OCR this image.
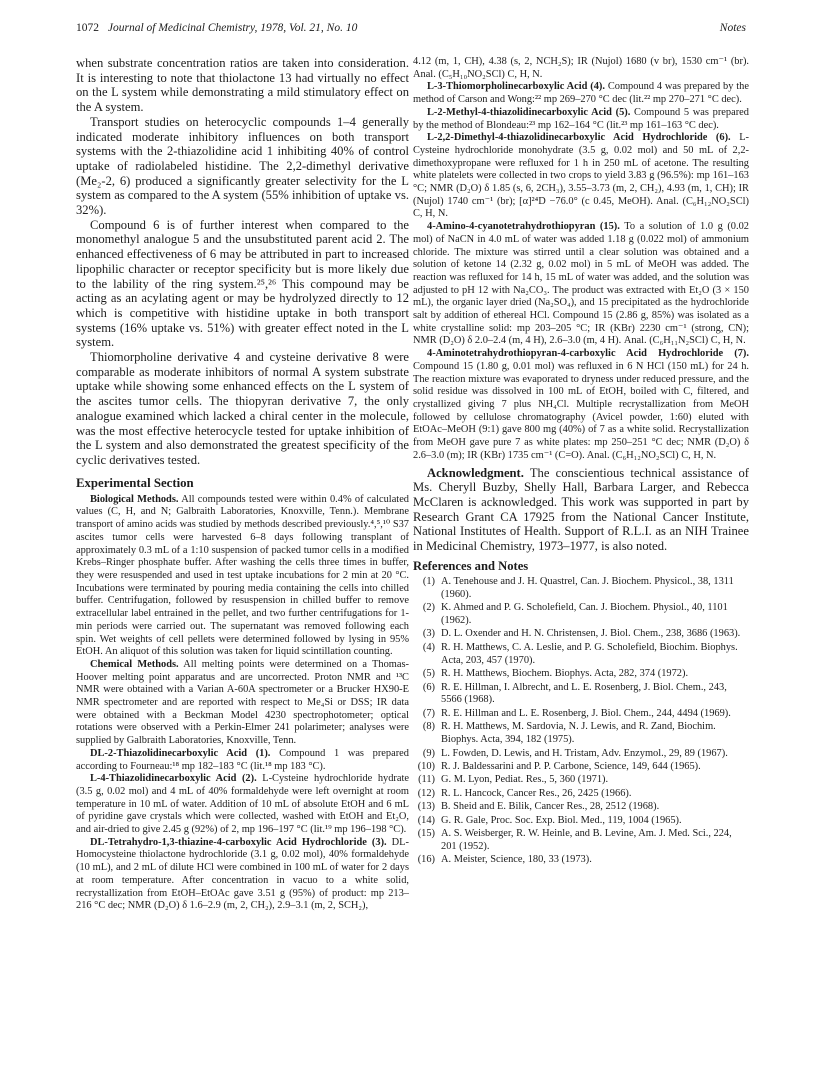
1072 Journal of Medicinal Chemistry, 1978, Vol. 21, No. 10	Notes

when substrate concentration ratios are taken into consideration. It is interesting to note that thiolactone 13 had virtually no effect on the L system while demonstrating a mild stimulatory effect on the A system.

Transport studies on heterocyclic compounds 1–4 generally indicated moderate inhibitory influences on both transport systems with the 2-thiazolidine acid 1 inhibiting 40% of control uptake of radiolabeled histidine. The 2,2-dimethyl derivative (Me₂-2, 6) produced a significantly greater selectivity for the L system as compared to the A system (55% inhibition of uptake vs. 32%).

Compound 6 is of further interest when compared to the monomethyl analogue 5 and the unsubstituted parent acid 2. The enhanced effectiveness of 6 may be attributed in part to increased lipophilic character or receptor specificity but is more likely due to the lability of the ring system.²⁵,²⁶ This compound may be acting as an acylating agent or may be hydrolyzed directly to 12 which is competitive with histidine uptake in both transport systems (16% uptake vs. 51%) with greater effect noted in the L system.

Thiomorpholine derivative 4 and cysteine derivative 8 were comparable as moderate inhibitors of normal A system substrate uptake while showing some enhanced effects on the L system of the ascites tumor cells. The thiopyran derivative 7, the only analogue examined which lacked a chiral center in the molecule, was the most effective heterocycle tested for uptake inhibition of the L system and also demonstrated the greatest specificity of the cyclic derivatives tested.

Experimental Section

Biological Methods. All compounds tested were within 0.4% of calculated values (C, H, and N; Galbraith Laboratories, Knoxville, Tenn.). Membrane transport of amino acids was studied by methods described previously.⁴,⁵,¹⁰ S37 ascites tumor cells were harvested 6–8 days following transplant of approximately 0.3 mL of a 1:10 suspension of packed tumor cells in a modified Krebs–Ringer phosphate buffer. After washing the cells three times in buffer, they were resuspended and used in test uptake incubations for 2 min at 20 °C. Incubations were terminated by pouring media containing the cells into chilled buffer. Centrifugation, followed by resuspension in chilled buffer to remove extracellular label entrained in the pellet, and two further centrifugations for 1-min periods were carried out. The supernatant was removed following each spin. Wet weights of cell pellets were determined followed by lysing in 95% EtOH. An aliquot of this solution was taken for liquid scintillation counting.

Chemical Methods. All melting points were determined on a Thomas-Hoover melting point apparatus and are uncorrected. Proton NMR and ¹³C NMR were obtained with a Varian A-60A spectrometer or a Brucker HX90-E NMR spectrometer and are reported with respect to Me₄Si or DSS; IR data were obtained with a Beckman Model 4230 spectrophotometer; optical rotations were observed with a Perkin-Elmer 241 polarimeter; analyses were supplied by Galbraith Laboratories, Knoxville, Tenn.

DL-2-Thiazolidinecarboxylic Acid (1). Compound 1 was prepared according to Fourneau:¹⁸ mp 182–183 °C (lit.¹⁸ mp 183 °C).

L-4-Thiazolidinecarboxylic Acid (2). L-Cysteine hydrochloride hydrate (3.5 g, 0.02 mol) and 4 mL of 40% formaldehyde were left overnight at room temperature in 10 mL of water. Addition of 10 mL of absolute EtOH and 6 mL of pyridine gave crystals which were collected, washed with EtOH and Et₂O, and air-dried to give 2.45 g (92%) of 2, mp 196–197 °C (lit.¹⁹ mp 196–198 °C).

DL-Tetrahydro-1,3-thiazine-4-carboxylic Acid Hydrochloride (3). DL-Homocysteine thiolactone hydrochloride (3.1 g, 0.02 mol), 40% formaldehyde (10 mL), and 2 mL of dilute HCl were combined in 100 mL of water for 2 days at room temperature. After concentration in vacuo to a white solid, recrystallization from EtOH–EtOAc gave 3.51 g (95%) of product: mp 213–216 °C dec; NMR (D₂O) δ 1.6–2.9 (m, 2, CH₂), 2.9–3.1 (m, 2, SCH₂),

4.12 (m, 1, CH), 4.38 (s, 2, NCH₂S); IR (Nujol) 1680 (v br), 1530 cm⁻¹ (br). Anal. (C₅H₁₀NO₂SCl) C, H, N.

L-3-Thiomorpholinecarboxylic Acid (4). Compound 4 was prepared by the method of Carson and Wong:²² mp 269–270 °C dec (lit.²² mp 270–271 °C dec).

L-2-Methyl-4-thiazolidinecarboxylic Acid (5). Compound 5 was prepared by the method of Blondeau:²³ mp 162–164 °C (lit.²³ mp 161–163 °C dec).

L-2,2-Dimethyl-4-thiazolidinecarboxylic Acid Hydrochloride (6). L-Cysteine hydrochloride monohydrate (3.5 g, 0.02 mol) and 50 mL of 2,2-dimethoxypropane were refluxed for 1 h in 250 mL of acetone. The resulting white platelets were collected in two crops to yield 3.83 g (96.5%): mp 161–163 °C; NMR (D₂O) δ 1.85 (s, 6, 2CH₃), 3.55–3.73 (m, 2, CH₂), 4.93 (m, 1, CH); IR (Nujol) 1740 cm⁻¹ (br); [α]²⁴D −76.0° (c 0.45, MeOH). Anal. (C₆H₁₂NO₂SCl) C, H, N.

4-Amino-4-cyanotetrahydrothiopyran (15). To a solution of 1.0 g (0.02 mol) of NaCN in 4.0 mL of water was added 1.18 g (0.022 mol) of ammonium chloride. The mixture was stirred until a clear solution was obtained and a solution of ketone 14 (2.32 g, 0.02 mol) in 5 mL of MeOH was added. The reaction was refluxed for 14 h, 15 mL of water was added, and the solution was adjusted to pH 12 with Na₂CO₃. The product was extracted with Et₂O (3 × 150 mL), the organic layer dried (Na₂SO₄), and 15 precipitated as the hydrochloride salt by addition of ethereal HCl. Compound 15 (2.86 g, 85%) was isolated as a white crystalline solid: mp 203–205 °C; IR (KBr) 2230 cm⁻¹ (strong, CN); NMR (D₂O) δ 2.0–2.4 (m, 4 H), 2.6–3.0 (m, 4 H). Anal. (C₆H₁₁N₂SCl) C, H, N.

4-Aminotetrahydrothiopyran-4-carboxylic Acid Hydrochloride (7). Compound 15 (1.80 g, 0.01 mol) was refluxed in 6 N HCl (150 mL) for 24 h. The reaction mixture was evaporated to dryness under reduced pressure, and the solid residue was dissolved in 100 mL of EtOH, boiled with C, filtered, and crystallized giving 7 plus NH₄Cl. Multiple recrystallization from MeOH followed by cellulose chromatography (Avicel powder, 1:60) eluted with EtOAc–MeOH (9:1) gave 800 mg (40%) of 7 as a white solid. Recrystallization from MeOH gave pure 7 as white plates: mp 250–251 °C dec; NMR (D₂O) δ 2.6–3.0 (m); IR (KBr) 1735 cm⁻¹ (C=O). Anal. (C₆H₁₂NO₂SCl) C, H, N.

Acknowledgment. The conscientious technical assistance of Ms. Cheryll Buzby, Shelly Hall, Barbara Larger, and Rebecca McClaren is acknowledged. This work was supported in part by Research Grant CA 17925 from the National Cancer Institute, National Institutes of Health. Support of R.L.I. as an NIH Trainee in Medicinal Chemistry, 1973–1977, is also noted.

References and Notes
(1) A. Tenehouse and J. H. Quastrel, Can. J. Biochem. Physicol., 38, 1311 (1960).
(2) K. Ahmed and P. G. Scholefield, Can. J. Biochem. Physiol., 40, 1101 (1962).
(3) D. L. Oxender and H. N. Christensen, J. Biol. Chem., 238, 3686 (1963).
(4) R. H. Matthews, C. A. Leslie, and P. G. Scholefield, Biochim. Biophys. Acta, 203, 457 (1970).
(5) R. H. Matthews, Biochem. Biophys. Acta, 282, 374 (1972).
(6) R. E. Hillman, I. Albrecht, and L. E. Rosenberg, J. Biol. Chem., 243, 5566 (1968).
(7) R. E. Hillman and L. E. Rosenberg, J. Biol. Chem., 244, 4494 (1969).
(8) R. H. Matthews, M. Sardovia, N. J. Lewis, and R. Zand, Biochim. Biophys. Acta, 394, 182 (1975).
(9) L. Fowden, D. Lewis, and H. Tristam, Adv. Enzymol., 29, 89 (1967).
(10) R. J. Baldessarini and P. P. Carbone, Science, 149, 644 (1965).
(11) G. M. Lyon, Pediat. Res., 5, 360 (1971).
(12) R. L. Hancock, Cancer Res., 26, 2425 (1966).
(13) B. Sheid and E. Bilik, Cancer Res., 28, 2512 (1968).
(14) G. R. Gale, Proc. Soc. Exp. Biol. Med., 119, 1004 (1965).
(15) A. S. Weisberger, R. W. Heinle, and B. Levine, Am. J. Med. Sci., 224, 201 (1952).
(16) A. Meister, Science, 180, 33 (1973).
